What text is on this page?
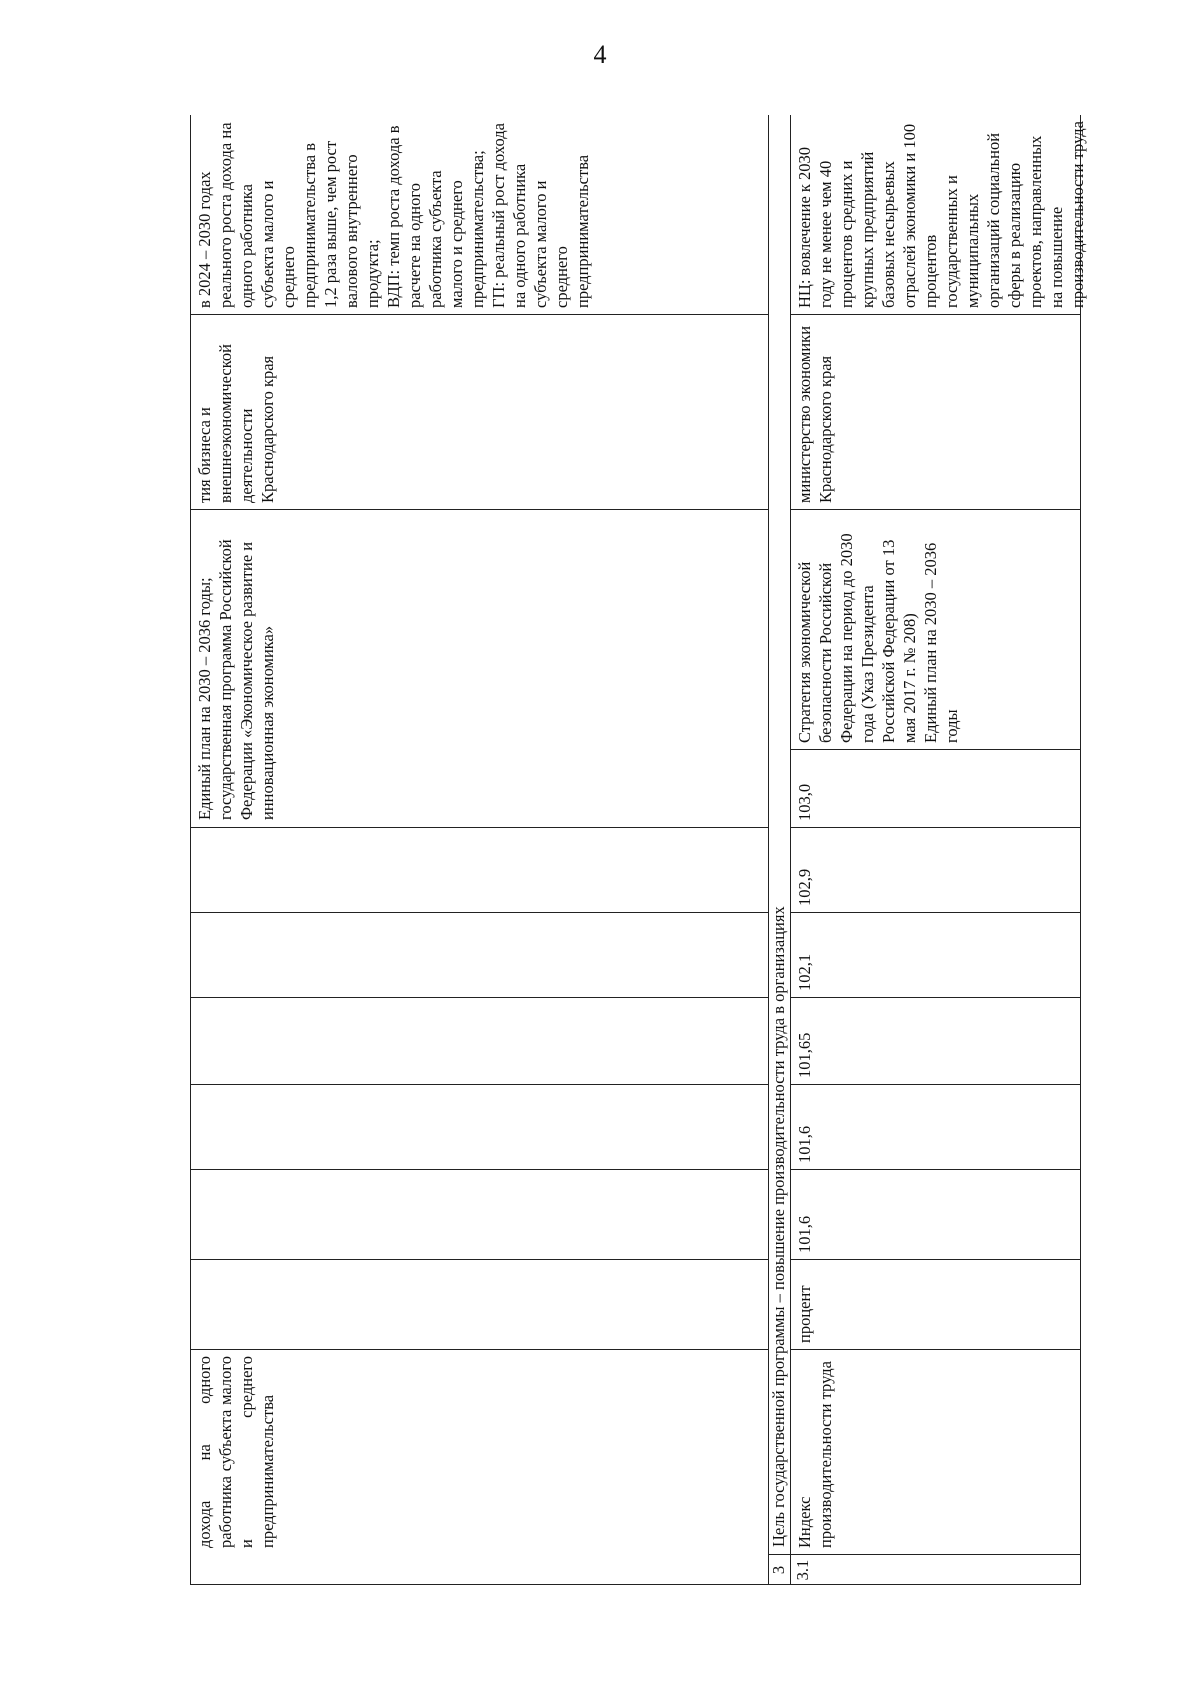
4
дохода на одного работника субъекта малого и среднего предпринимательства
Единый план на 2030 – 2036 годы;
государственная программа Российской Федерации «Экономическое развитие и инновационная экономика»
тия бизнеса и внешнеэкономической деятельности Краснодарского края
в 2024 – 2030 годах реального роста дохода на одного работника субъекта малого и среднего предпринимательства в 1,2 раза выше, чем рост валового внутреннего продукта;
ВДП: темп роста дохода в расчете на одного работника субъекта малого и среднего предпринимательства;
ГП: реальный рост дохода на одного работника субъекта малого и среднего предпринимательства
3
Цель государственной программы – повышение производительности труда в организациях
3.1
Индекс производительности труда
процент
101,6
101,6
101,65
102,1
102,9
103,0
Стратегия экономической безопасности Российской Федерации на период до 2030 года (Указ Президента Российской Федерации от 13 мая 2017 г. № 208)
Единый план на 2030 – 2036 годы
министерство экономики Краснодарского края
НЦ: вовлечение к 2030 году не менее чем 40 процентов средних и крупных предприятий базовых несырьевых отраслей экономики и 100 процентов государственных и муниципальных организаций социальной сферы в реализацию проектов, направленных на повышение производительности труда
